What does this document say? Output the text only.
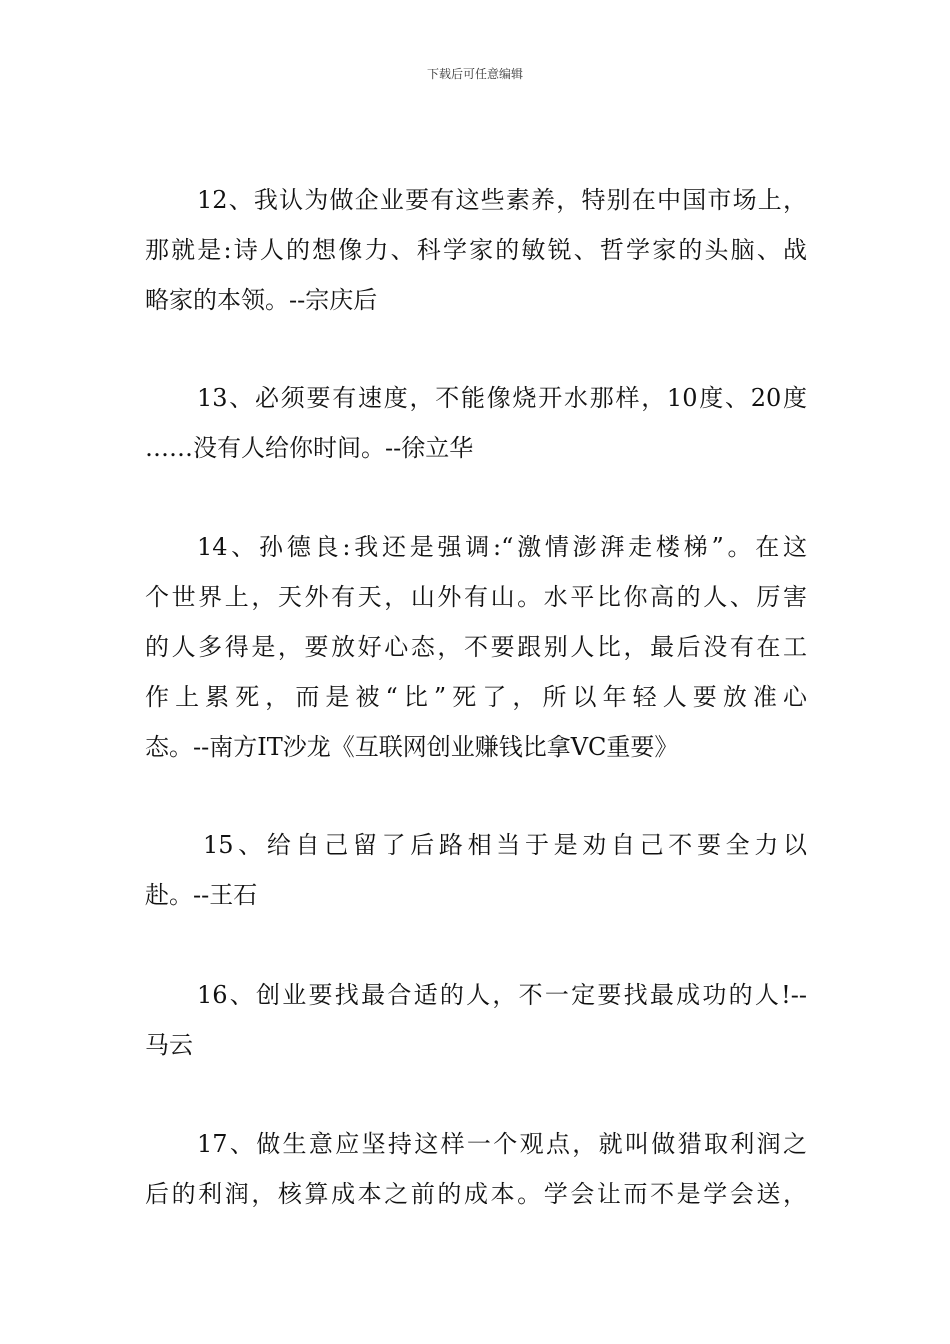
下载后可任意编辑
12、我认为做企业要有这些素养，特别在中国市场上，
那就是:诗人的想像力、科学家的敏锐、哲学家的头脑、战
略家的本领。--宗庆后
13、必须要有速度，不能像烧开水那样，10度、20度
……没有人给你时间。--徐立华
14、孙德良:我还是强调:“激情澎湃走楼梯”。在这
个世界上，天外有天，山外有山。水平比你高的人、厉害
的人多得是，要放好心态，不要跟别人比，最后没有在工
作上累死，而是被“比”死了，所以年轻人要放准心
态。--南方IT沙龙《互联网创业赚钱比拿VC重要》
15、给自己留了后路相当于是劝自己不要全力以
赴。--王石
16、创业要找最合适的人，不一定要找最成功的人!--
马云
17、做生意应坚持这样一个观点，就叫做猎取利润之
后的利润，核算成本之前的成本。学会让而不是学会送，
